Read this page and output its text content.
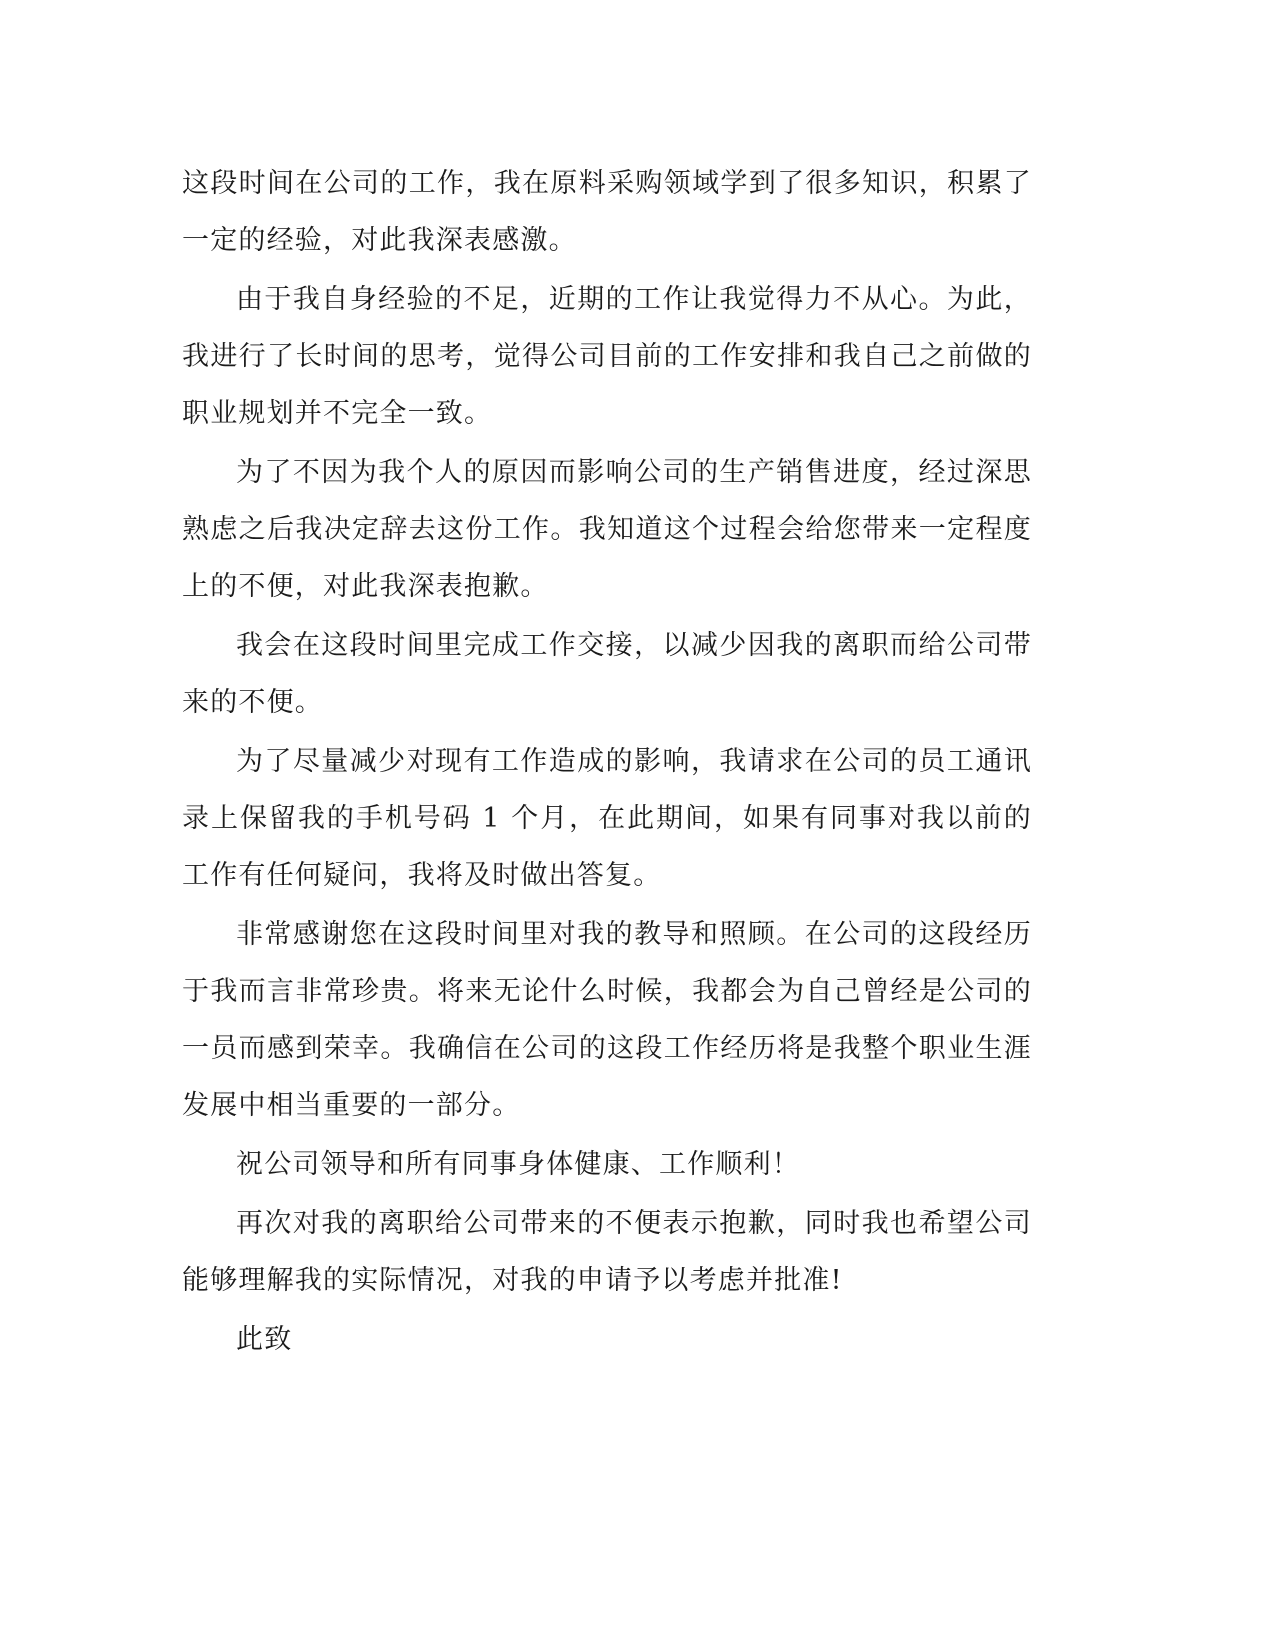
这段时间在公司的工作，我在原料采购领域学到了很多知识，积累了一定的经验，对此我深表感激。

由于我自身经验的不足，近期的工作让我觉得力不从心。为此，我进行了长时间的思考，觉得公司目前的工作安排和我自己之前做的职业规划并不完全一致。

为了不因为我个人的原因而影响公司的生产销售进度，经过深思熟虑之后我决定辞去这份工作。我知道这个过程会给您带来一定程度上的不便，对此我深表抱歉。

我会在这段时间里完成工作交接，以减少因我的离职而给公司带来的不便。

为了尽量减少对现有工作造成的影响，我请求在公司的员工通讯录上保留我的手机号码 1 个月，在此期间，如果有同事对我以前的工作有任何疑问，我将及时做出答复。

非常感谢您在这段时间里对我的教导和照顾。在公司的这段经历于我而言非常珍贵。将来无论什么时候，我都会为自己曾经是公司的一员而感到荣幸。我确信在公司的这段工作经历将是我整个职业生涯发展中相当重要的一部分。

祝公司领导和所有同事身体健康、工作顺利！

再次对我的离职给公司带来的不便表示抱歉，同时我也希望公司能够理解我的实际情况，对我的申请予以考虑并批准!

此致
